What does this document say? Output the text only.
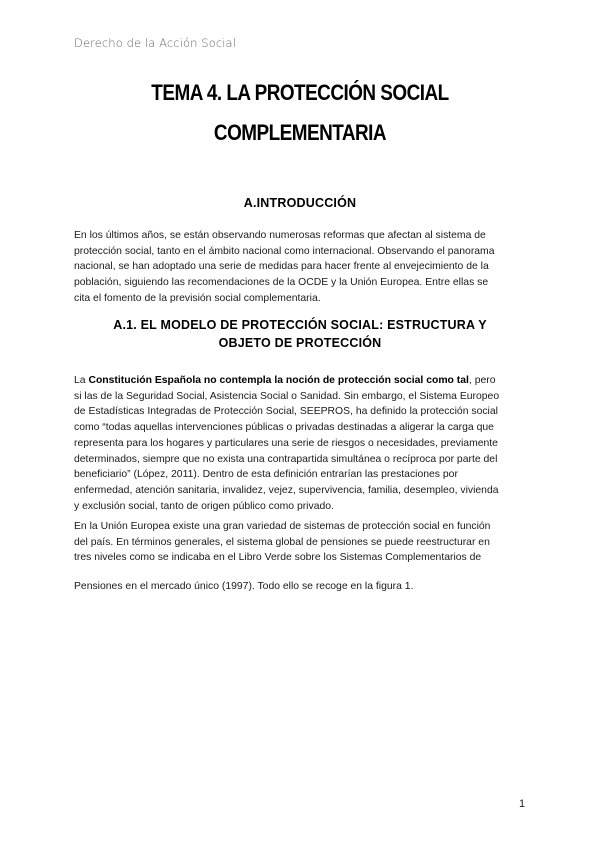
Derecho de la Acción Social
TEMA 4. LA PROTECCIÓN SOCIAL
COMPLEMENTARIA
A.INTRODUCCIÓN
En los últimos años, se están observando numerosas reformas que afectan al sistema de
protección social, tanto en el ámbito nacional como internacional. Observando el panorama
nacional, se han adoptado una serie de medidas para hacer frente al envejecimiento de la
población, siguiendo las recomendaciones de la OCDE y la Unión Europea. Entre ellas se
cita el fomento de la previsión social complementaria.
A.1. EL MODELO DE PROTECCIÓN SOCIAL: ESTRUCTURA Y
OBJETO DE PROTECCIÓN
La Constitución Española no contempla la noción de protección social como tal, pero
si las de la Seguridad Social, Asistencia Social o Sanidad. Sin embargo, el Sistema Europeo
de Estadísticas Integradas de Protección Social, SEEPROS, ha definido la protección social
como “todas aquellas intervenciones públicas o privadas destinadas a aligerar la carga que
representa para los hogares y particulares una serie de riesgos o necesidades, previamente
determinados, siempre que no exista una contrapartida simultánea o recíproca por parte del
beneficiario” (López, 2011). Dentro de esta definición entrarían las prestaciones por
enfermedad, atención sanitaria, invalidez, vejez, supervivencia, familia, desempleo, vivienda
y exclusión social, tanto de origen público como privado.
En la Unión Europea existe una gran variedad de sistemas de protección social en función
del país. En términos generales, el sistema global de pensiones se puede reestructurar en
tres niveles como se indicaba en el Libro Verde sobre los Sistemas Complementarios de
Pensiones en el mercado único (1997). Todo ello se recoge en la figura 1.
1
